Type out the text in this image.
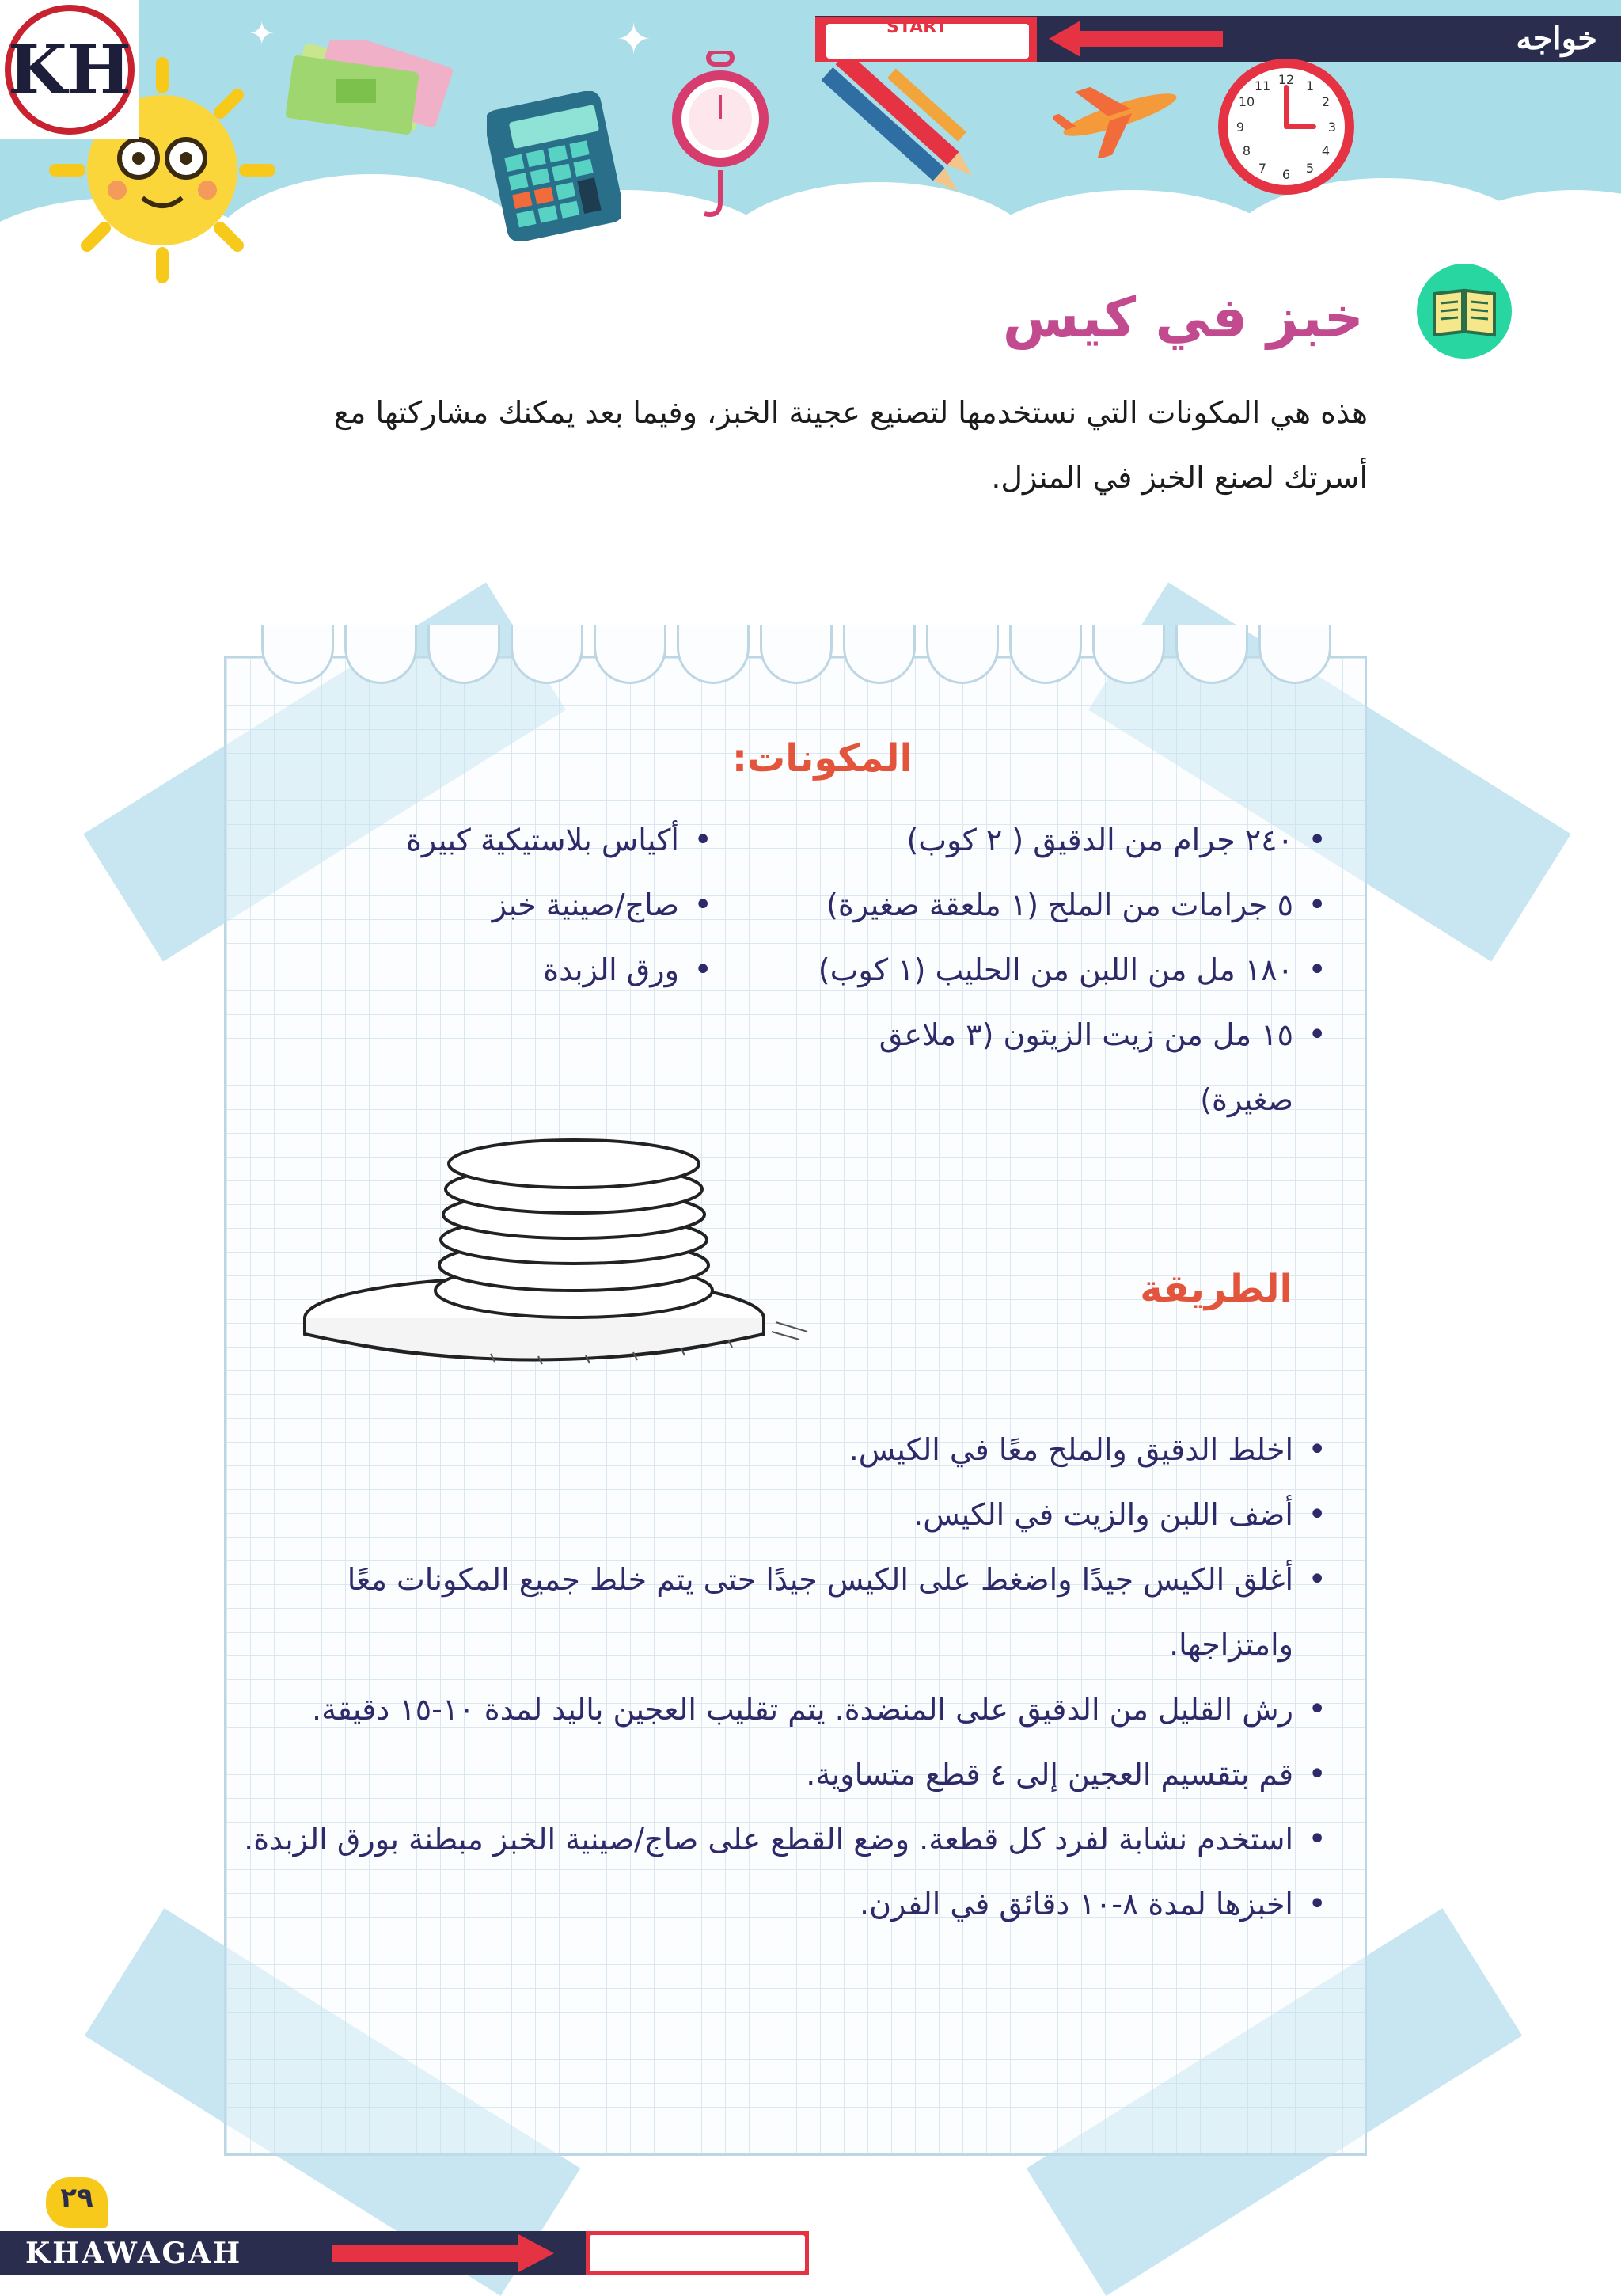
KH	✦	✦	START	خواجه
12 1
2
3
4
5
6
7
8
9
10
11
خبز في كيس
هذه هي المكونات التي نستخدمها لتصنيع عجينة الخبز، وفيما بعد يمكنك مشاركتها مع أسرتك لصنع الخبز في المنزل.
المكونات:
• ٢٤٠ جرام من الدقيق ( ٢ كوب)
• ٥ جرامات من الملح (١ ملعقة صغيرة)
• ١٨٠ مل من اللبن من الحليب (١ كوب)
• ١٥ مل من زيت الزيتون (٣ ملاعق صغيرة)
• أكياس بلاستيكية كبيرة
• صاج/صينية خبز
• ورق الزبدة
الطريقة
• اخلط الدقيق والملح معًا في الكيس.
• أضف اللبن والزيت في الكيس.
• أغلق الكيس جيدًا واضغط على الكيس جيدًا حتى يتم خلط جميع المكونات معًا وامتزاجها.
• رش القليل من الدقيق على المنضدة. يتم تقليب العجين باليد لمدة ١٠-١٥ دقيقة.
• قم بتقسيم العجين إلى ٤ قطع متساوية.
• استخدم نشابة لفرد كل قطعة. وضع القطع على صاج/صينية الخبز مبطنة بورق الزبدة.
• اخبزها لمدة ٨-١٠ دقائق في الفرن.
٢٩
KHAWAGAH
